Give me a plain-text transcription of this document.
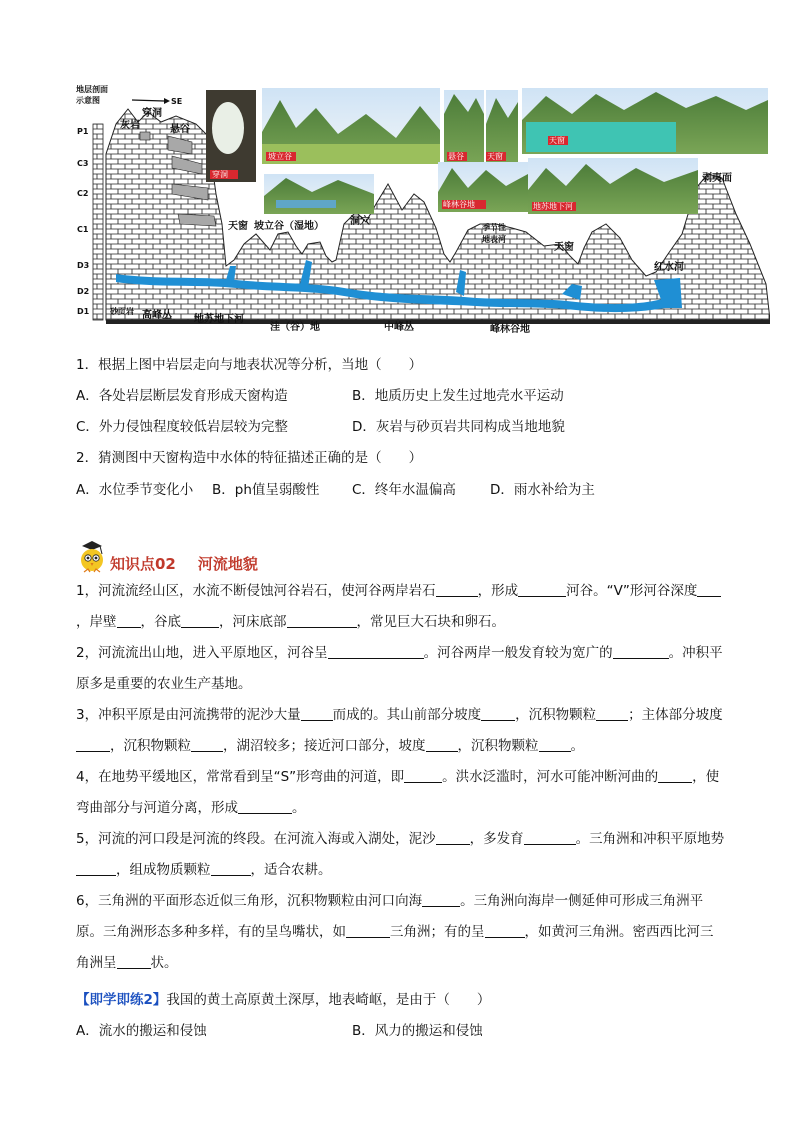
地层剖面
示意图
P1
C3
C2
C1
D3
D2
D1
SE
穿洞
坡立谷	悬谷	天窗
天窗
峰林谷地	地苏地下河
灰岩
穿洞
悬谷
砂页岩
天窗 坡立谷（湿地）	洞穴
季节性
地表河
天窗
红水河
剥夷面
高峰丛 地苏地下河
洼（谷）地	中峰丛	峰林谷地
1．根据上图中岩层走向与地表状况等分析，当地（　　）
A．各处岩层断层发育形成天窗构造	B．地质历史上发生过地壳水平运动
C．外力侵蚀程度较低岩层较为完整	D．灰岩与砂页岩共同构成当地地貌
2．猜测图中天窗构造中水体的特征描述正确的是（　　）
A．水位季节变化小 B．ph值呈弱酸性 C．终年水温偏高	D．雨水补给为主
知识点02 河流地貌
1，河流流经山区，水流不断侵蚀河谷岩石，使河谷两岸岩石	，形成	河谷。“V”形河谷深度，岸壁 ，谷底	，河床底部	，常见巨大石块和卵石。
2，河流流出山地，进入平原地区，河谷呈	。河谷两岸一般发育较为宽广的	。冲积平原多是重要的农业生产基地。
3，冲积平原是由河流携带的泥沙大量 而成的。其山前部分坡度	，沉积物颗粒 ；主体部分坡度，沉积物颗粒 ，湖沼较多；接近河口部分，坡度 ，沉积物颗粒 。
4，在地势平缓地区，常常看到呈“S”形弯曲的河道，即	。洪水泛滥时，河水可能冲断河曲的	，使弯曲部分与河道分离，形成	。
5，河流的河口段是河流的终段。在河流入海或入湖处，泥沙	，多发育	。三角洲和冲积平原地势，组成物质颗粒	，适合农耕。
6，三角洲的平面形态近似三角形，沉积物颗粒由河口向海	。三角洲向海岸一侧延伸可形成三角洲平原。三角洲形态多种多样，有的呈鸟嘴状，如	三角洲；有的呈	，如黄河三角洲。密西西比河三角洲呈	状。
【即学即练2】我国的黄土高原黄土深厚，地表崎岖，是由于（　　）
A．流水的搬运和侵蚀	B．风力的搬运和侵蚀
